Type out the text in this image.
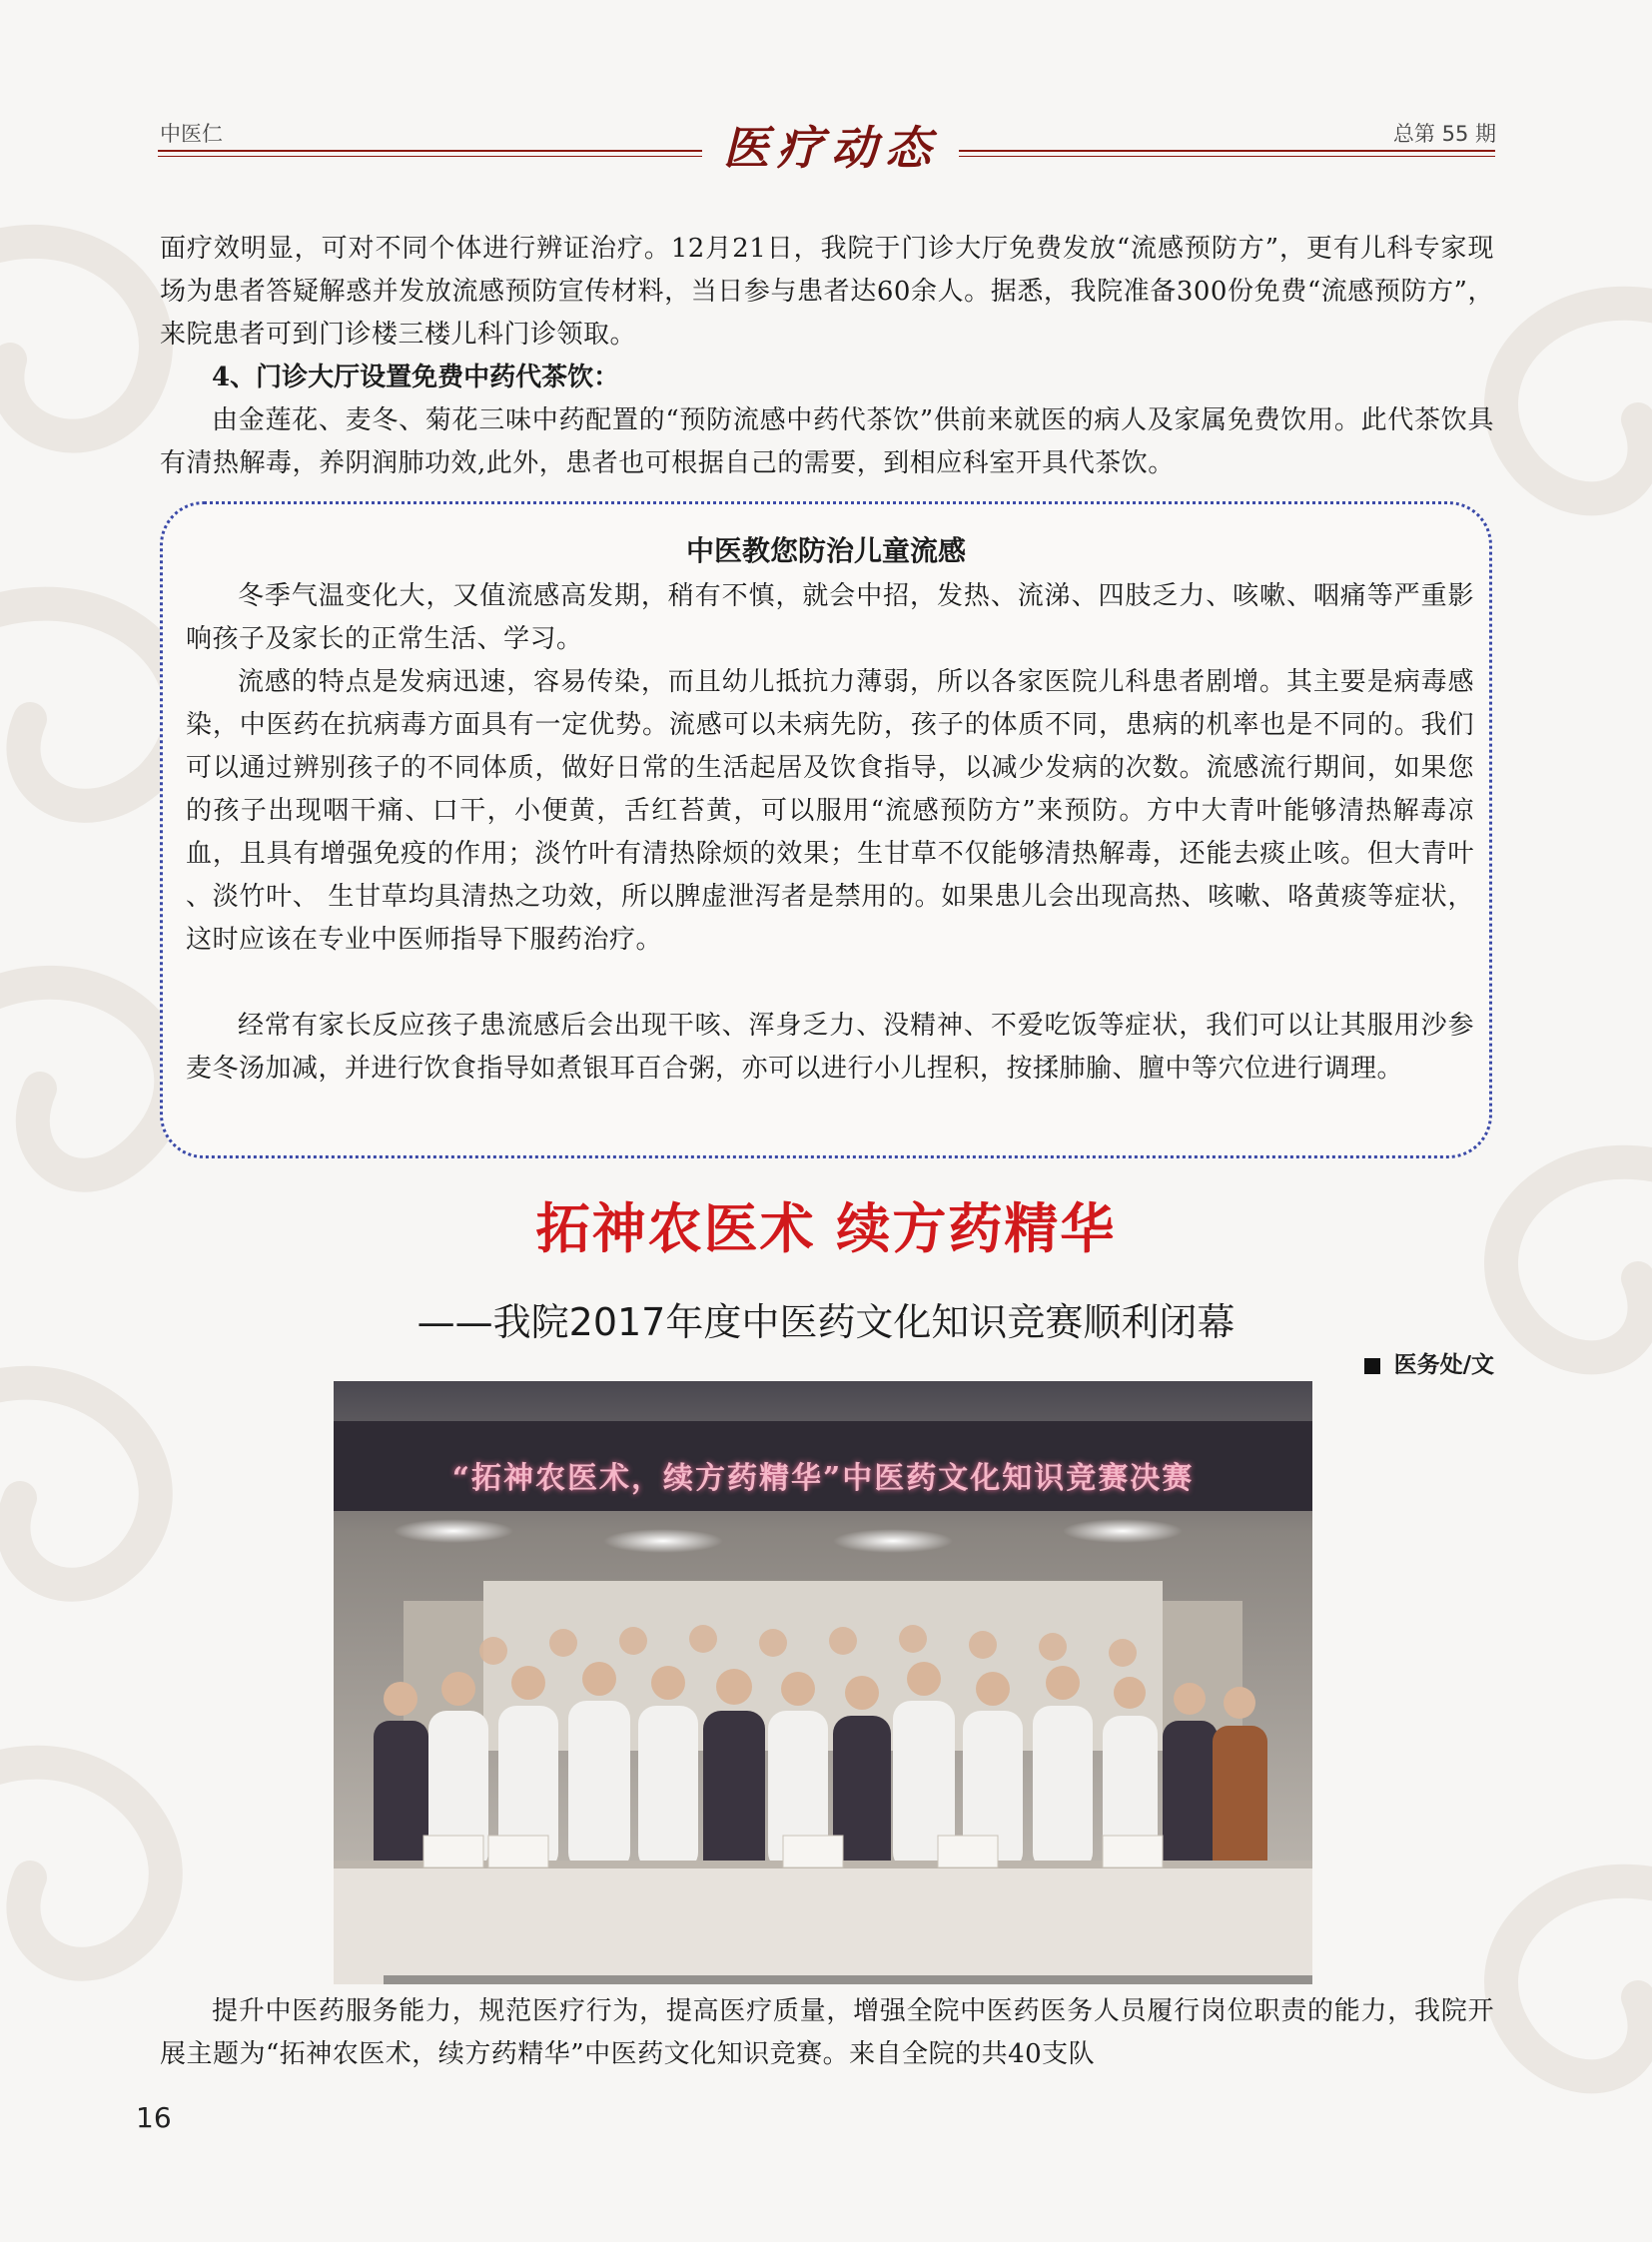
中医仁	医疗动态	总第 55 期
面疗效明显，可对不同个体进行辨证治疗。12月21日，我院于门诊大厅免费发放“流感预防方”，更有儿科专家现场为患者答疑解惑并发放流感预防宣传材料，当日参与患者达60余人。据悉，我院准备300份免费“流感预防方”，来院患者可到门诊楼三楼儿科门诊领取。
4、门诊大厅设置免费中药代茶饮：
由金莲花、麦冬、菊花三味中药配置的“预防流感中药代茶饮”供前来就医的病人及家属免费饮用。此代茶饮具有清热解毒，养阴润肺功效,此外，患者也可根据自己的需要，到相应科室开具代茶饮。
中医教您防治儿童流感
冬季气温变化大，又值流感高发期，稍有不慎，就会中招，发热、流涕、四肢乏力、咳嗽、咽痛等严重影响孩子及家长的正常生活、学习。
流感的特点是发病迅速，容易传染，而且幼儿抵抗力薄弱，所以各家医院儿科患者剧增。其主要是病毒感染，中医药在抗病毒方面具有一定优势。流感可以未病先防，孩子的体质不同，患病的机率也是不同的。我们可以通过辨别孩子的不同体质，做好日常的生活起居及饮食指导，以减少发病的次数。流感流行期间，如果您的孩子出现咽干痛、口干，小便黄，舌红苔黄，可以服用“流感预防方”来预防。方中大青叶能够清热解毒凉血，且具有增强免疫的作用；淡竹叶有清热除烦的效果；生甘草不仅能够清热解毒，还能去痰止咳。但大青叶 、淡竹叶、 生甘草均具清热之功效，所以脾虚泄泻者是禁用的。如果患儿会出现高热、咳嗽、咯黄痰等症状，这时应该在专业中医师指导下服药治疗。
经常有家长反应孩子患流感后会出现干咳、浑身乏力、没精神、不爱吃饭等症状，我们可以让其服用沙参麦冬汤加减，并进行饮食指导如煮银耳百合粥，亦可以进行小儿捏积，按揉肺腧、膻中等穴位进行调理。
拓神农医术 续方药精华
——我院2017年度中医药文化知识竞赛顺利闭幕
医务处/文
“拓神农医术，续方药精华”中医药文化知识竞赛决赛
提升中医药服务能力，规范医疗行为，提高医疗质量，增强全院中医药医务人员履行岗位职责的能力，我院开展主题为“拓神农医术，续方药精华”中医药文化知识竞赛。来自全院的共40支队
16
